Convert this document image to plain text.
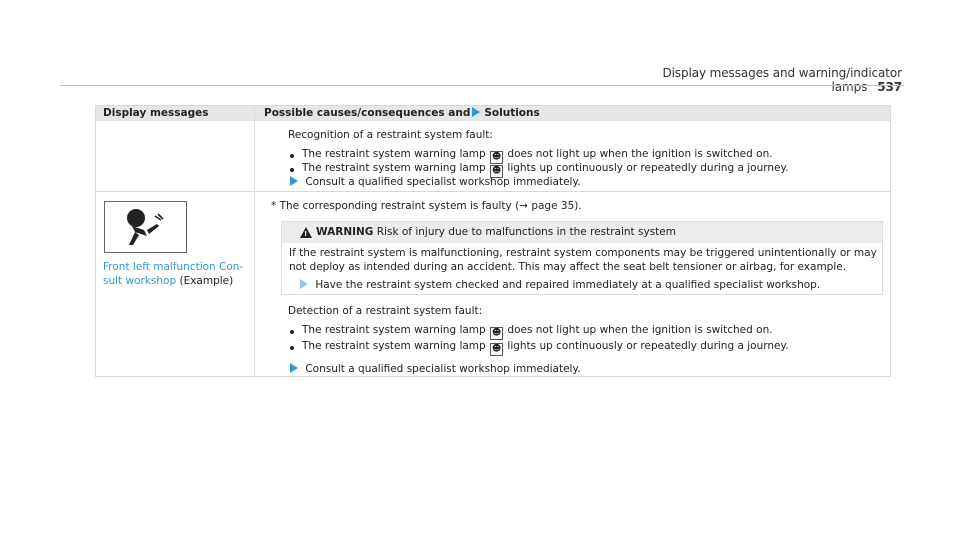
Display messages and warning/indicator lamps 537
Display messages	Possible causes/consequences and Solutions
Recognition of a restraint system fault:
The restraint system warning lamp ☻ does not light up when the ignition is switched on.
The restraint system warning lamp ☻ lights up continuously or repeatedly during a journey.
Consult a qualified specialist workshop immediately.
Front left malfunction Con-
sult workshop (Example)
* The corresponding restraint system is faulty (→ page 35).
! WARNING Risk of injury due to malfunctions in the restraint system
If the restraint system is malfunctioning, restraint system components may be triggered unintentionally or may
not deploy as intended during an accident. This may affect the seat belt tensioner or airbag, for example.
Have the restraint system checked and repaired immediately at a qualified specialist workshop.
Detection of a restraint system fault:
The restraint system warning lamp ☻ does not light up when the ignition is switched on.
The restraint system warning lamp ☻ lights up continuously or repeatedly during a journey.
Consult a qualified specialist workshop immediately.
